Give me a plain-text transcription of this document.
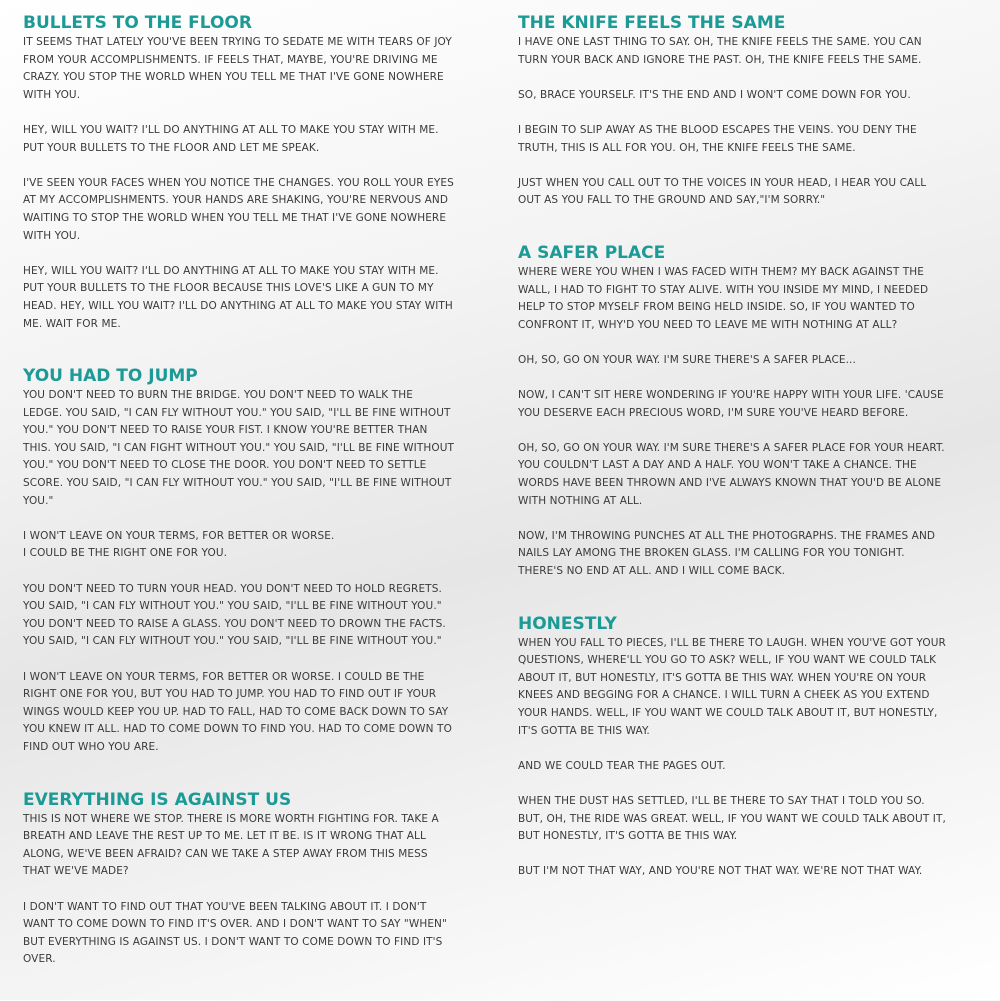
BULLETS TO THE FLOOR

IT SEEMS THAT LATELY YOU'VE BEEN TRYING TO SEDATE ME WITH TEARS OF JOY FROM YOUR ACCOMPLISHMENTS. IF FEELS THAT, MAYBE, YOU'RE DRIVING ME CRAZY. YOU STOP THE WORLD WHEN YOU TELL ME THAT I'VE GONE NOWHERE WITH YOU.

HEY, WILL YOU WAIT? I'LL DO ANYTHING AT ALL TO MAKE YOU STAY WITH ME. PUT YOUR BULLETS TO THE FLOOR AND LET ME SPEAK.

I'VE SEEN YOUR FACES WHEN YOU NOTICE THE CHANGES. YOU ROLL YOUR EYES AT MY ACCOMPLISHMENTS. YOUR HANDS ARE SHAKING, YOU'RE NERVOUS AND WAITING TO STOP THE WORLD WHEN YOU TELL ME THAT I'VE GONE NOWHERE WITH YOU.

HEY, WILL YOU WAIT? I'LL DO ANYTHING AT ALL TO MAKE YOU STAY WITH ME. PUT YOUR BULLETS TO THE FLOOR BECAUSE THIS LOVE'S LIKE A GUN TO MY HEAD. HEY, WILL YOU WAIT? I'LL DO ANYTHING AT ALL TO MAKE YOU STAY WITH ME. WAIT FOR ME.

YOU HAD TO JUMP

YOU DON'T NEED TO BURN THE BRIDGE. YOU DON'T NEED TO WALK THE LEDGE. YOU SAID, "I CAN FLY WITHOUT YOU." YOU SAID, "I'LL BE FINE WITHOUT YOU." YOU DON'T NEED TO RAISE YOUR FIST. I KNOW YOU'RE BETTER THAN THIS. YOU SAID, "I CAN FIGHT WITHOUT YOU." YOU SAID, "I'LL BE FINE WITHOUT YOU." YOU DON'T NEED TO CLOSE THE DOOR. YOU DON'T NEED TO SETTLE SCORE. YOU SAID, "I CAN FLY WITHOUT YOU." YOU SAID, "I'LL BE FINE WITHOUT YOU."

I WON'T LEAVE ON YOUR TERMS, FOR BETTER OR WORSE.
I COULD BE THE RIGHT ONE FOR YOU.

YOU DON'T NEED TO TURN YOUR HEAD. YOU DON'T NEED TO HOLD REGRETS. YOU SAID, "I CAN FLY WITHOUT YOU." YOU SAID, "I'LL BE FINE WITHOUT YOU." YOU DON'T NEED TO RAISE A GLASS. YOU DON'T NEED TO DROWN THE FACTS. YOU SAID, "I CAN FLY WITHOUT YOU." YOU SAID, "I'LL BE FINE WITHOUT YOU."

I WON'T LEAVE ON YOUR TERMS, FOR BETTER OR WORSE. I COULD BE THE RIGHT ONE FOR YOU, BUT YOU HAD TO JUMP. YOU HAD TO FIND OUT IF YOUR WINGS WOULD KEEP YOU UP. HAD TO FALL, HAD TO COME BACK DOWN TO SAY YOU KNEW IT ALL. HAD TO COME DOWN TO FIND YOU. HAD TO COME DOWN TO FIND OUT WHO YOU ARE.

EVERYTHING IS AGAINST US

THIS IS NOT WHERE WE STOP. THERE IS MORE WORTH FIGHTING FOR. TAKE A BREATH AND LEAVE THE REST UP TO ME. LET IT BE. IS IT WRONG THAT ALL ALONG, WE'VE BEEN AFRAID? CAN WE TAKE A STEP AWAY FROM THIS MESS THAT WE'VE MADE?

I DON'T WANT TO FIND OUT THAT YOU'VE BEEN TALKING ABOUT IT. I DON'T WANT TO COME DOWN TO FIND IT'S OVER. AND I DON'T WANT TO SAY "WHEN" BUT EVERYTHING IS AGAINST US. I DON'T WANT TO COME DOWN TO FIND IT'S OVER.

THE KNIFE FEELS THE SAME

I HAVE ONE LAST THING TO SAY. OH, THE KNIFE FEELS THE SAME. YOU CAN TURN YOUR BACK AND IGNORE THE PAST. OH, THE KNIFE FEELS THE SAME.

SO, BRACE YOURSELF. IT'S THE END AND I WON'T COME DOWN FOR YOU.

I BEGIN TO SLIP AWAY AS THE BLOOD ESCAPES THE VEINS. YOU DENY THE TRUTH, THIS IS ALL FOR YOU. OH, THE KNIFE FEELS THE SAME.

JUST WHEN YOU CALL OUT TO THE VOICES IN YOUR HEAD, I HEAR YOU CALL OUT AS YOU FALL TO THE GROUND AND SAY,"I'M SORRY."

A SAFER PLACE

WHERE WERE YOU WHEN I WAS FACED WITH THEM? MY BACK AGAINST THE WALL, I HAD TO FIGHT TO STAY ALIVE. WITH YOU INSIDE MY MIND, I NEEDED HELP TO STOP MYSELF FROM BEING HELD INSIDE. SO, IF YOU WANTED TO CONFRONT IT, WHY'D YOU NEED TO LEAVE ME WITH NOTHING AT ALL?

OH, SO, GO ON YOUR WAY. I'M SURE THERE'S A SAFER PLACE...

NOW, I CAN'T SIT HERE WONDERING IF YOU'RE HAPPY WITH YOUR LIFE. 'CAUSE YOU DESERVE EACH PRECIOUS WORD, I'M SURE YOU'VE HEARD BEFORE.

OH, SO, GO ON YOUR WAY. I'M SURE THERE'S A SAFER PLACE FOR YOUR HEART. YOU COULDN'T LAST A DAY AND A HALF. YOU WON'T TAKE A CHANCE. THE WORDS HAVE BEEN THROWN AND I'VE ALWAYS KNOWN THAT YOU'D BE ALONE WITH NOTHING AT ALL.

NOW, I'M THROWING PUNCHES AT ALL THE PHOTOGRAPHS. THE FRAMES AND NAILS LAY AMONG THE BROKEN GLASS. I'M CALLING FOR YOU TONIGHT. THERE'S NO END AT ALL. AND I WILL COME BACK.

HONESTLY

WHEN YOU FALL TO PIECES, I'LL BE THERE TO LAUGH. WHEN YOU'VE GOT YOUR QUESTIONS, WHERE'LL YOU GO TO ASK? WELL, IF YOU WANT WE COULD TALK ABOUT IT, BUT HONESTLY, IT'S GOTTA BE THIS WAY. WHEN YOU'RE ON YOUR KNEES AND BEGGING FOR A CHANCE. I WILL TURN A CHEEK AS YOU EXTEND YOUR HANDS. WELL, IF YOU WANT WE COULD TALK ABOUT IT, BUT HONESTLY,
IT'S GOTTA BE THIS WAY.

AND WE COULD TEAR THE PAGES OUT.

WHEN THE DUST HAS SETTLED, I'LL BE THERE TO SAY THAT I TOLD YOU SO. BUT, OH, THE RIDE WAS GREAT. WELL, IF YOU WANT WE COULD TALK ABOUT IT, BUT HONESTLY, IT'S GOTTA BE THIS WAY.

BUT I'M NOT THAT WAY, AND YOU'RE NOT THAT WAY. WE'RE NOT THAT WAY.
